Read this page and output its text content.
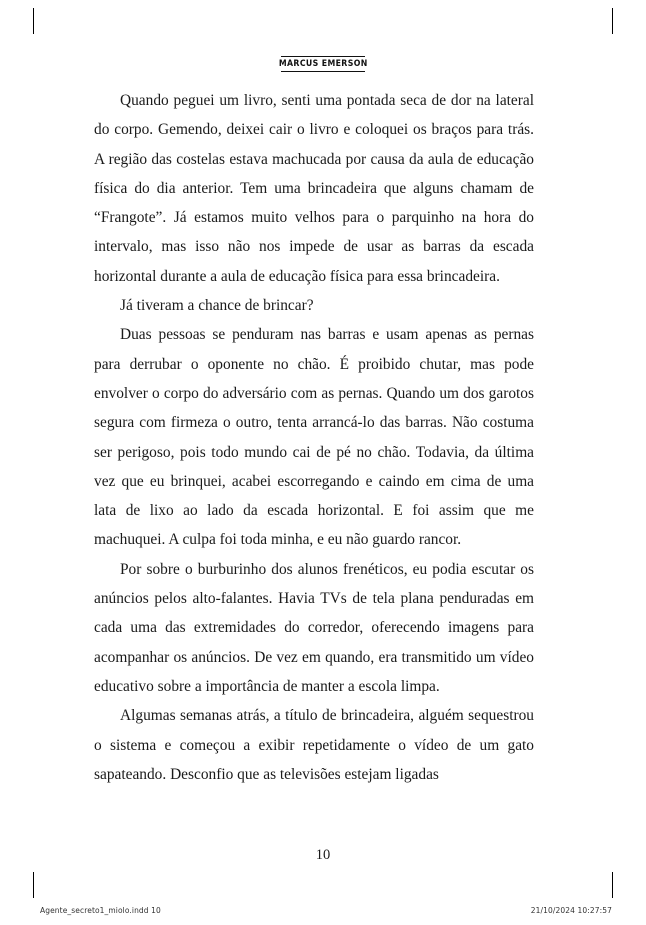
MARCUS EMERSON

Quando peguei um livro, senti uma pontada seca de dor na lateral do corpo. Gemendo, deixei cair o livro e coloquei os braços para trás. A região das costelas estava machucada por causa da aula de educação física do dia anterior. Tem uma brincadeira que alguns chamam de “Frangote”. Já estamos muito velhos para o parquinho na hora do intervalo, mas isso não nos impede de usar as barras da escada horizontal durante a aula de educação física para essa brincadeira.

Já tiveram a chance de brincar?

Duas pessoas se penduram nas barras e usam apenas as pernas para derrubar o oponente no chão. É proibido chutar, mas pode envolver o corpo do adversário com as pernas. Quando um dos garotos segura com firmeza o outro, tenta arrancá-lo das barras. Não costuma ser perigoso, pois todo mundo cai de pé no chão. Todavia, da última vez que eu brinquei, acabei escorregando e caindo em cima de uma lata de lixo ao lado da escada horizontal. E foi assim que me machuquei. A culpa foi toda minha, e eu não guardo rancor.

Por sobre o burburinho dos alunos frenéticos, eu podia escutar os anúncios pelos alto-falantes. Havia TVs de tela plana penduradas em cada uma das extremidades do corredor, oferecendo imagens para acompanhar os anúncios. De vez em quando, era transmitido um vídeo educativo sobre a importância de manter a escola limpa.

Algumas semanas atrás, a título de brincadeira, alguém sequestrou o sistema e começou a exibir repetidamente o vídeo de um gato sapateando. Desconfio que as televisões estejam ligadas

10
Agente_secreto1_miolo.indd 10	21/10/2024 10:27:57
